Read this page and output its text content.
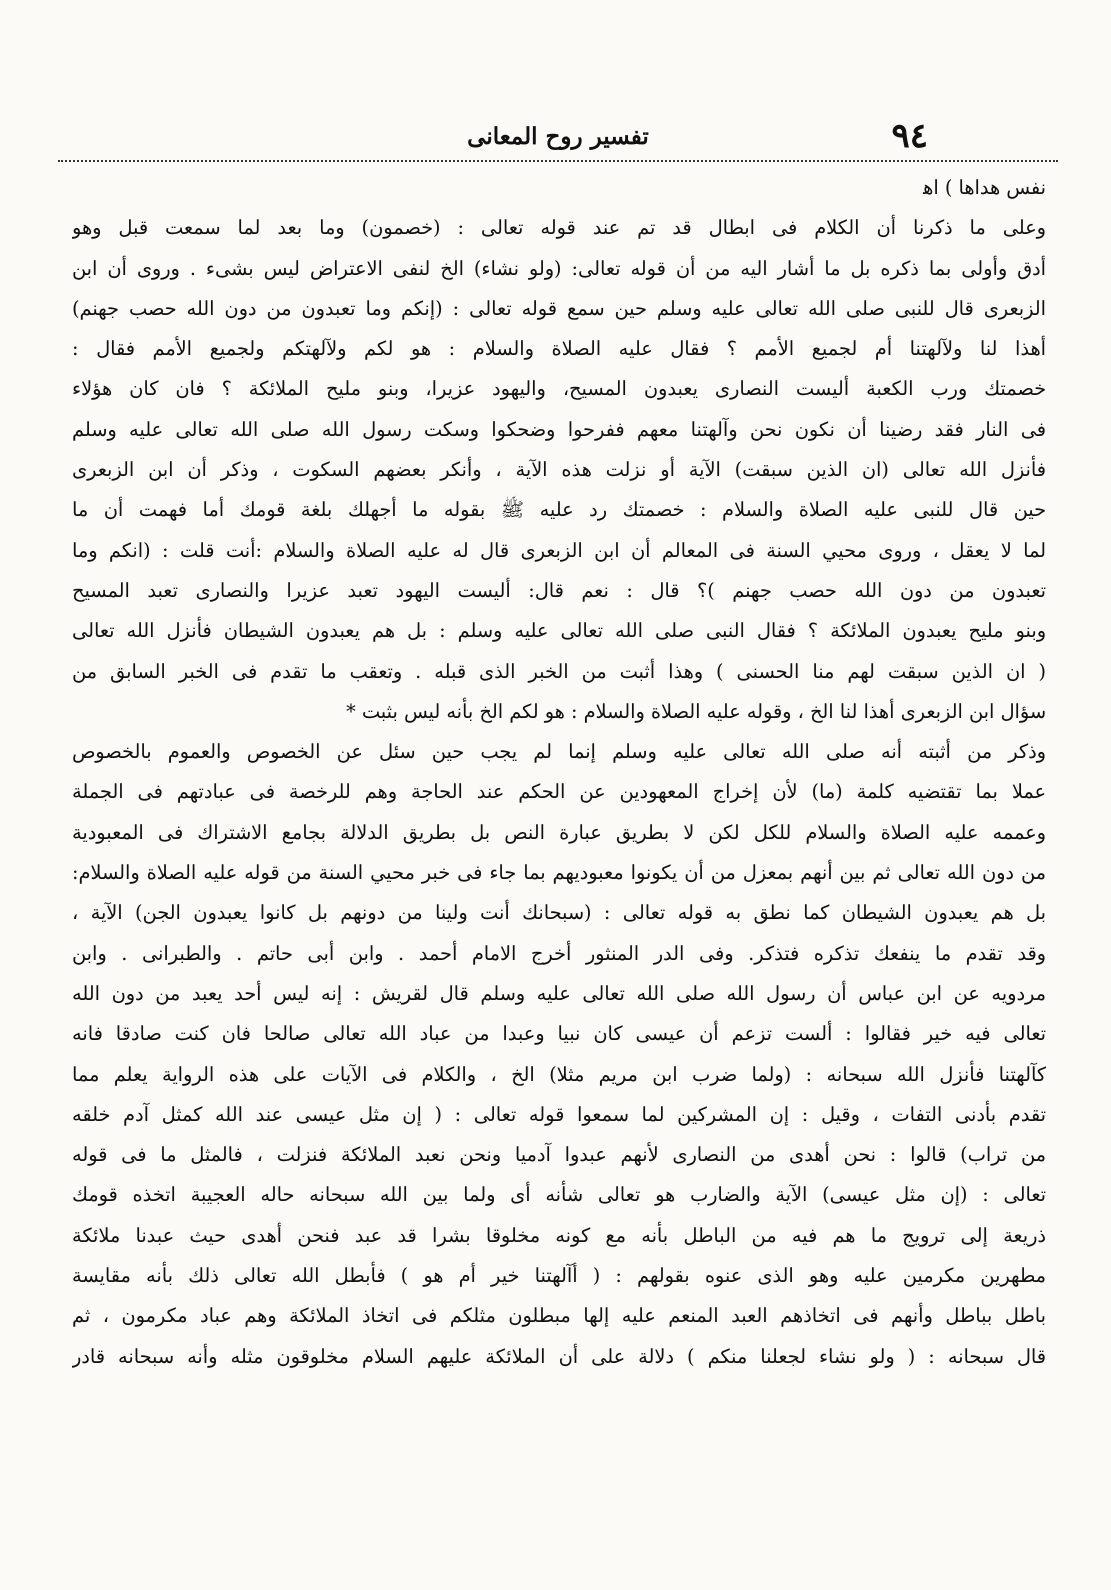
٩٤
تفسير روح المعانى
نفس هداها ) اه‍
وعلى ما ذكرنا أن الكلام فى ابطال قد تم عند قوله تعالى : (خصمون) وما بعد لما سمعت قبل وهو
أدق وأولى بما ذكره بل ما أشار اليه من أن قوله تعالى: (ولو نشاء) الخ لنفى الاعتراض ليس بشىء . وروى أن ابن
الزبعرى قال للنبى صلى الله تعالى عليه وسلم حين سمع قوله تعالى : (إنكم وما تعبدون من دون الله حصب جهنم)
أهذا لنا ولآلهتنا أم لجميع الأمم ؟ فقال عليه الصلاة والسلام : هو لكم ولآلهتكم ولجميع الأمم فقال :
خصمتك ورب الكعبة أليست النصارى يعبدون المسيح، واليهود عزيرا، وبنو مليح الملائكة ؟ فان كان هؤلاء
فى النار فقد رضينا أن نكون نحن وآلهتنا معهم ففرحوا وضحكوا وسكت رسول الله صلى الله تعالى عليه وسلم
فأنزل الله تعالى (ان الذين سبقت) الآية أو نزلت هذه الآية ، وأنكر بعضهم السكوت ، وذكر أن ابن الزبعرى
حين قال للنبى عليه الصلاة والسلام : خصمتك رد عليه ﷺ بقوله ما أجهلك بلغة قومك أما فهمت أن ما
لما لا يعقل ، وروى محيي السنة فى المعالم أن ابن الزبعرى قال له عليه الصلاة والسلام :أنت قلت : (انكم وما
تعبدون من دون الله حصب جهنم )؟ قال : نعم قال: أليست اليهود تعبد عزيرا والنصارى تعبد المسيح
وبنو مليح يعبدون الملائكة ؟ فقال النبى صلى الله تعالى عليه وسلم : بل هم يعبدون الشيطان فأنزل الله تعالى
( ان الذين سبقت لهم منا الحسنى ) وهذا أثبت من الخبر الذى قبله . وتعقب ما تقدم فى الخبر السابق من
سؤال ابن الزبعرى أهذا لنا الخ ، وقوله عليه الصلاة والسلام : هو لكم الخ بأنه ليس بثبت *
وذكر من أثبته أنه صلى الله تعالى عليه وسلم إنما لم يجب حين سئل عن الخصوص والعموم بالخصوص
عملا بما تقتضيه كلمة (ما) لأن إخراج المعهودين عن الحكم عند الحاجة وهم للرخصة فى عبادتهم فى الجملة
وعممه عليه الصلاة والسلام للكل لكن لا بطريق عبارة النص بل بطريق الدلالة بجامع الاشتراك فى المعبودية
من دون الله تعالى ثم بين أنهم بمعزل من أن يكونوا معبوديهم بما جاء فى خبر محيي السنة من قوله عليه الصلاة والسلام:
بل هم يعبدون الشيطان كما نطق به قوله تعالى : (سبحانك أنت ولينا من دونهم بل كانوا يعبدون الجن) الآية ،
وقد تقدم ما ينفعك تذكره فتذكر. وفى الدر المنثور أخرج الامام أحمد . وابن أبى حاتم . والطبرانى . وابن
مردويه عن ابن عباس أن رسول الله صلى الله تعالى عليه وسلم قال لقريش : إنه ليس أحد يعبد من دون الله
تعالى فيه خير فقالوا : ألست تزعم أن عيسى كان نبيا وعبدا من عباد الله تعالى صالحا فان كنت صادقا فانه
كآلهتنا فأنزل الله سبحانه : (ولما ضرب ابن مريم مثلا) الخ ، والكلام فى الآيات على هذه الرواية يعلم مما
تقدم بأدنى التفات ، وقيل : إن المشركين لما سمعوا قوله تعالى : ( إن مثل عيسى عند الله كمثل آدم خلقه
من تراب) قالوا : نحن أهدى من النصارى لأنهم عبدوا آدميا ونحن نعبد الملائكة فنزلت ، فالمثل ما فى قوله
تعالى : (إن مثل عيسى) الآية والضارب هو تعالى شأنه أى ولما بين الله سبحانه حاله العجيبة اتخذه قومك
ذريعة إلى ترويج ما هم فيه من الباطل بأنه مع كونه مخلوقا بشرا قد عبد فنحن أهدى حيث عبدنا ملائكة
مطهرين مكرمين عليه وهو الذى عنوه بقولهم : ( أآلهتنا خير أم هو ) فأبطل الله تعالى ذلك بأنه مقايسة
باطل بباطل وأنهم فى اتخاذهم العبد المنعم عليه إلها مبطلون مثلكم فى اتخاذ الملائكة وهم عباد مكرمون ، ثم
قال سبحانه : ( ولو نشاء لجعلنا منكم ) دلالة على أن الملائكة عليهم السلام مخلوقون مثله وأنه سبحانه قادر
